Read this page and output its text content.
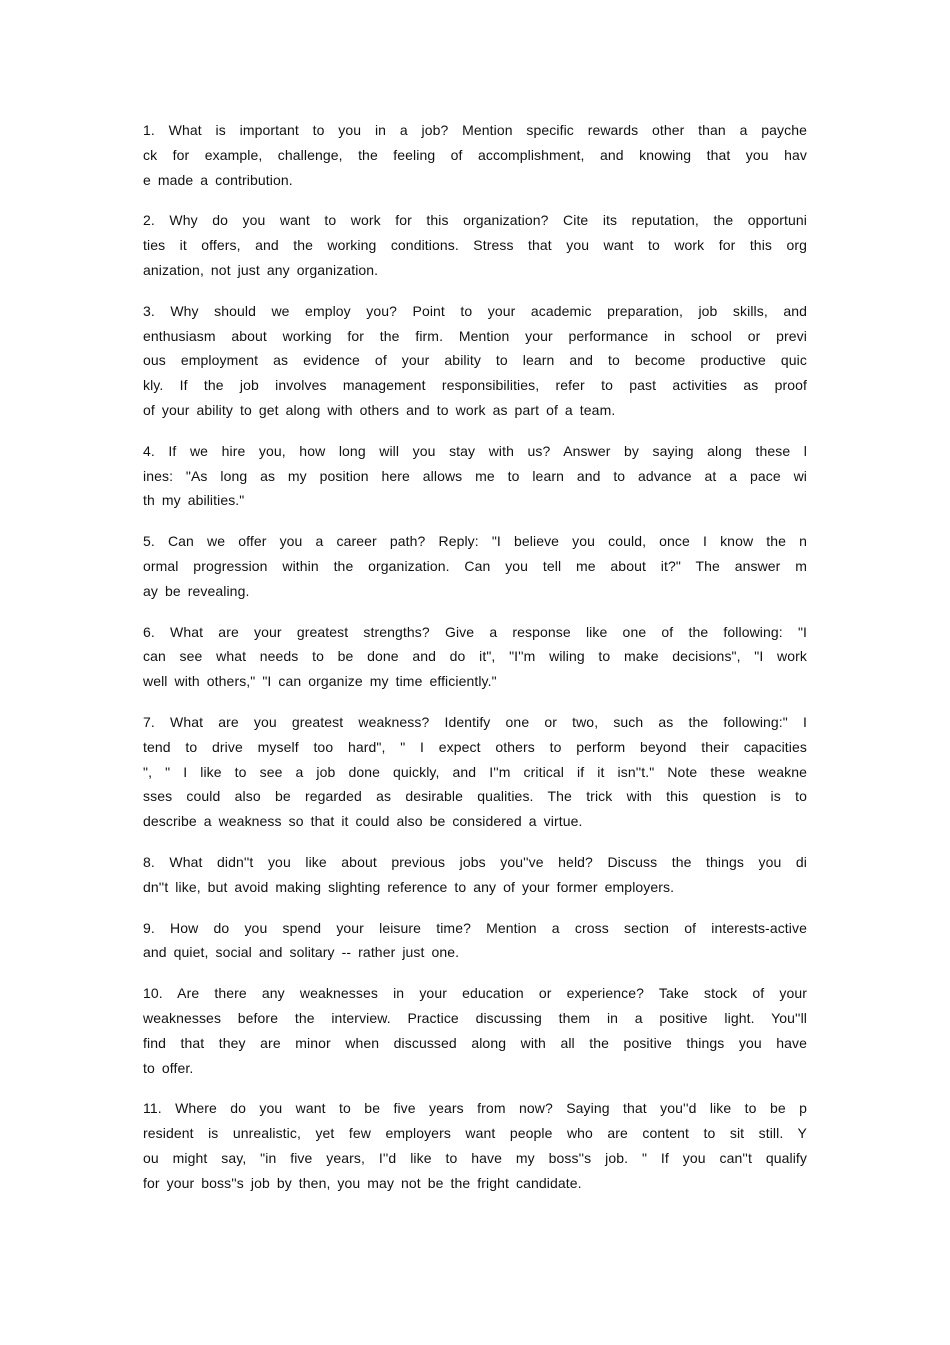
1. What is important to you in a job? Mention specific rewards other than a payche
ck for example, challenge, the feeling of accomplishment, and knowing that you hav
e made a contribution.

2. Why do you want to work for this organization? Cite its reputation, the opportuni
ties it offers, and the working conditions. Stress that you want to work for this org
anization, not just any organization.

3. Why should we employ you? Point to your academic preparation, job skills, and
enthusiasm about working for the firm. Mention your performance in school or previ
ous employment as evidence of your ability to learn and to become productive quic
kly. If the job involves management responsibilities, refer to past activities as proof
of your ability to get along with others and to work as part of a team.

4. If we hire you, how long will you stay with us? Answer by saying along these l
ines: "As long as my position here allows me to learn and to advance at a pace wi
th my abilities."

5. Can we offer you a career path? Reply: "I believe you could, once I know the n
ormal progression within the organization. Can you tell me about it?" The answer m
ay be revealing.

6. What are your greatest strengths? Give a response like one of the following: "I
can see what needs to be done and do it", "I''m wiling to make decisions", "I work
well with others," "I can organize my time efficiently."

7. What are you greatest weakness? Identify one or two, such as the following:" I
tend to drive myself too hard", " I expect others to perform beyond their capacities
", " I like to see a job done quickly, and I''m critical if it isn''t." Note these weakne
sses could also be regarded as desirable qualities. The trick with this question is to
describe a weakness so that it could also be considered a virtue.

8. What didn''t you like about previous jobs you''ve held? Discuss the things you di
dn''t like, but avoid making slighting reference to any of your former employers.

9. How do you spend your leisure time? Mention a cross section of interests-active
and quiet, social and solitary -- rather just one.

10. Are there any weaknesses in your education or experience? Take stock of your
weaknesses before the interview. Practice discussing them in a positive light. You''ll
find that they are minor when discussed along with all the positive things you have
to offer.

11. Where do you want to be five years from now? Saying that you''d like to be p
resident is unrealistic, yet few employers want people who are content to sit still. Y
ou might say, "in five years, I''d like to have my boss''s job. " If you can''t qualify
for your boss''s job by then, you may not be the fright candidate.
